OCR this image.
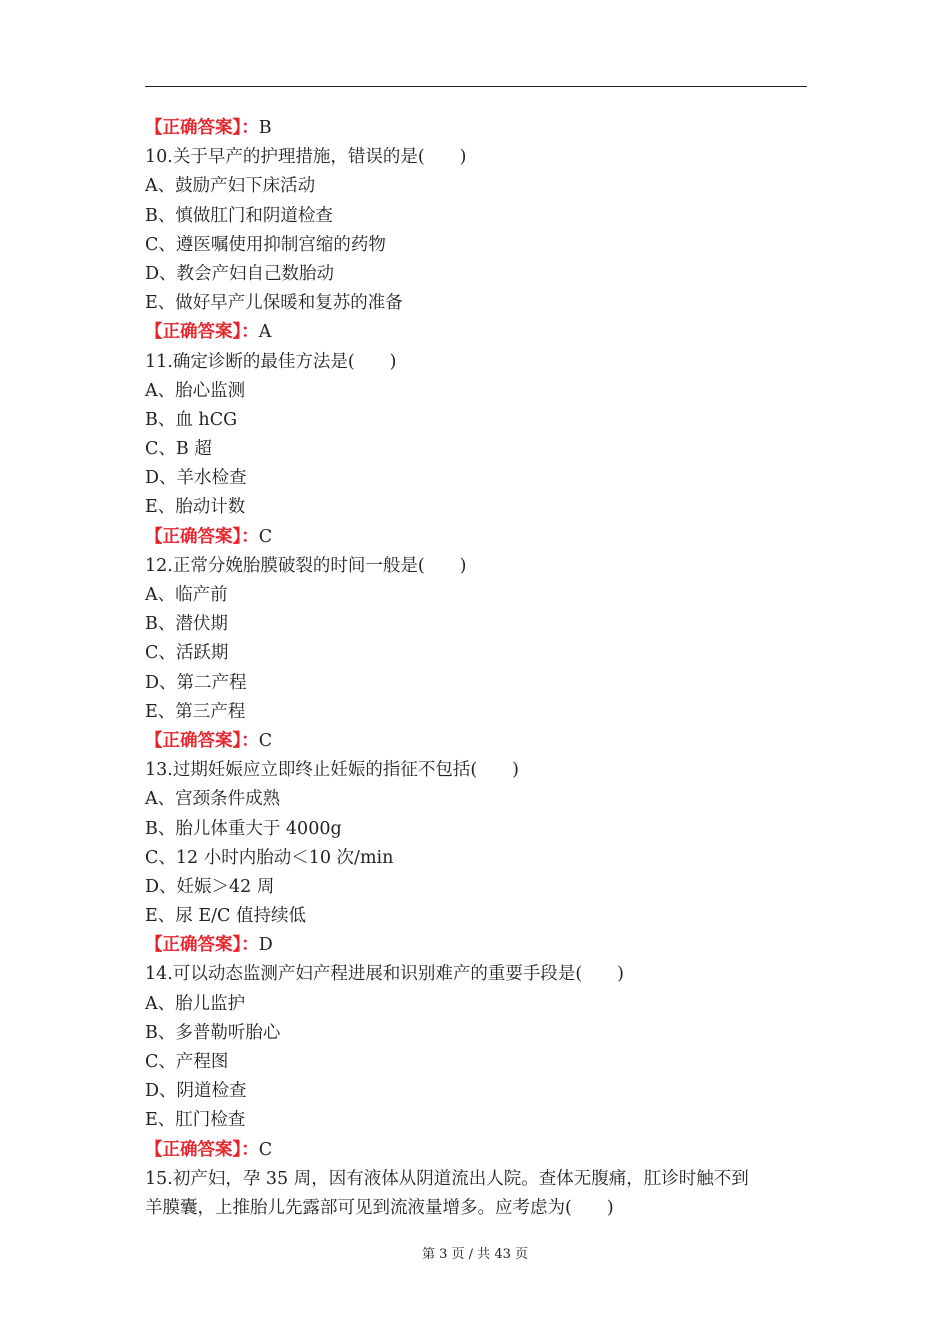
【正确答案】：B
10.关于早产的护理措施，错误的是(　　)
A、鼓励产妇下床活动
B、慎做肛门和阴道检查
C、遵医嘱使用抑制宫缩的药物
D、教会产妇自己数胎动
E、做好早产儿保暖和复苏的准备
【正确答案】：A
11.确定诊断的最佳方法是(　　)
A、胎心监测
B、血 hCG
C、B 超
D、羊水检查
E、胎动计数
【正确答案】：C
12.正常分娩胎膜破裂的时间一般是(　　)
A、临产前
B、潜伏期
C、活跃期
D、第二产程
E、第三产程
【正确答案】：C
13.过期妊娠应立即终止妊娠的指征不包括(　　)
A、宫颈条件成熟
B、胎儿体重大于 4000g
C、12 小时内胎动＜10 次/min
D、妊娠＞42 周
E、尿 E/C 值持续低
【正确答案】：D
14.可以动态监测产妇产程进展和识别难产的重要手段是(　　)
A、胎儿监护
B、多普勒听胎心
C、产程图
D、阴道检查
E、肛门检查
【正确答案】：C
15.初产妇，孕 35 周，因有液体从阴道流出人院。查体无腹痛，肛诊时触不到
羊膜囊，上推胎儿先露部可见到流液量增多。应考虑为(　　)
第 3 页 / 共 43 页
